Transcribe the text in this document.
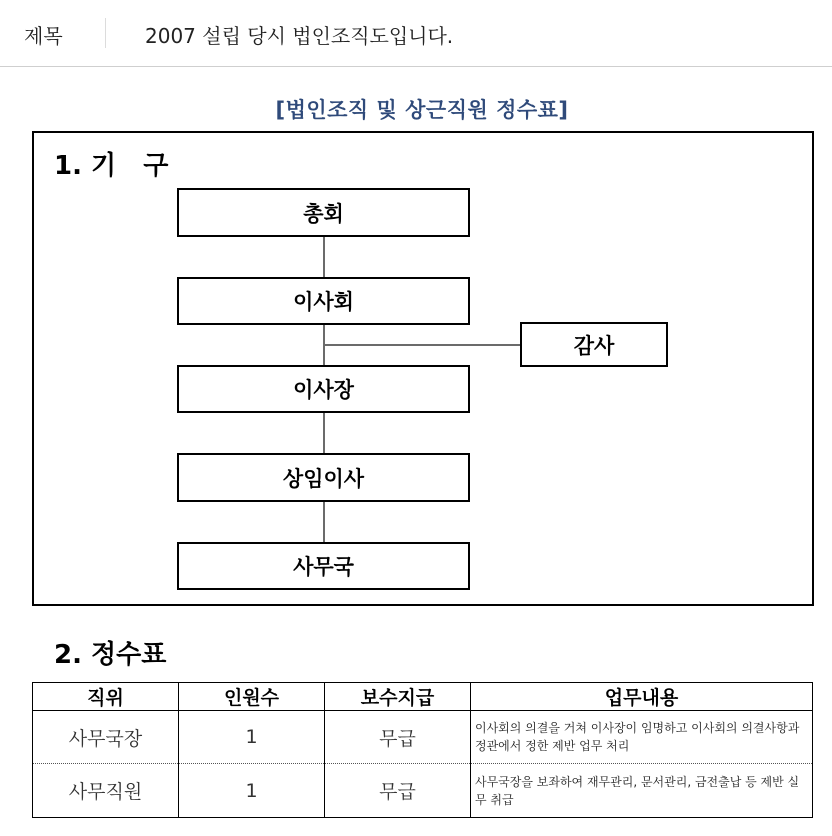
제목	2007 설립 당시 법인조직도입니다.
[법인조직 및 상근직원 정수표]
1. 기   구
총회
이사회
감사
이사장
상임이사
사무국
2. 정수표
직위	인원수	보수지급	업무내용
사무국장	1	무급	이사회의 의결을 거쳐 이사장이 임명하고 이사회의 의결사항과 정관에서 정한 제반 업무 처리
사무직원	1	무급	사무국장을 보좌하여 재무관리, 문서관리, 금전출납 등 제반 실무 취급
